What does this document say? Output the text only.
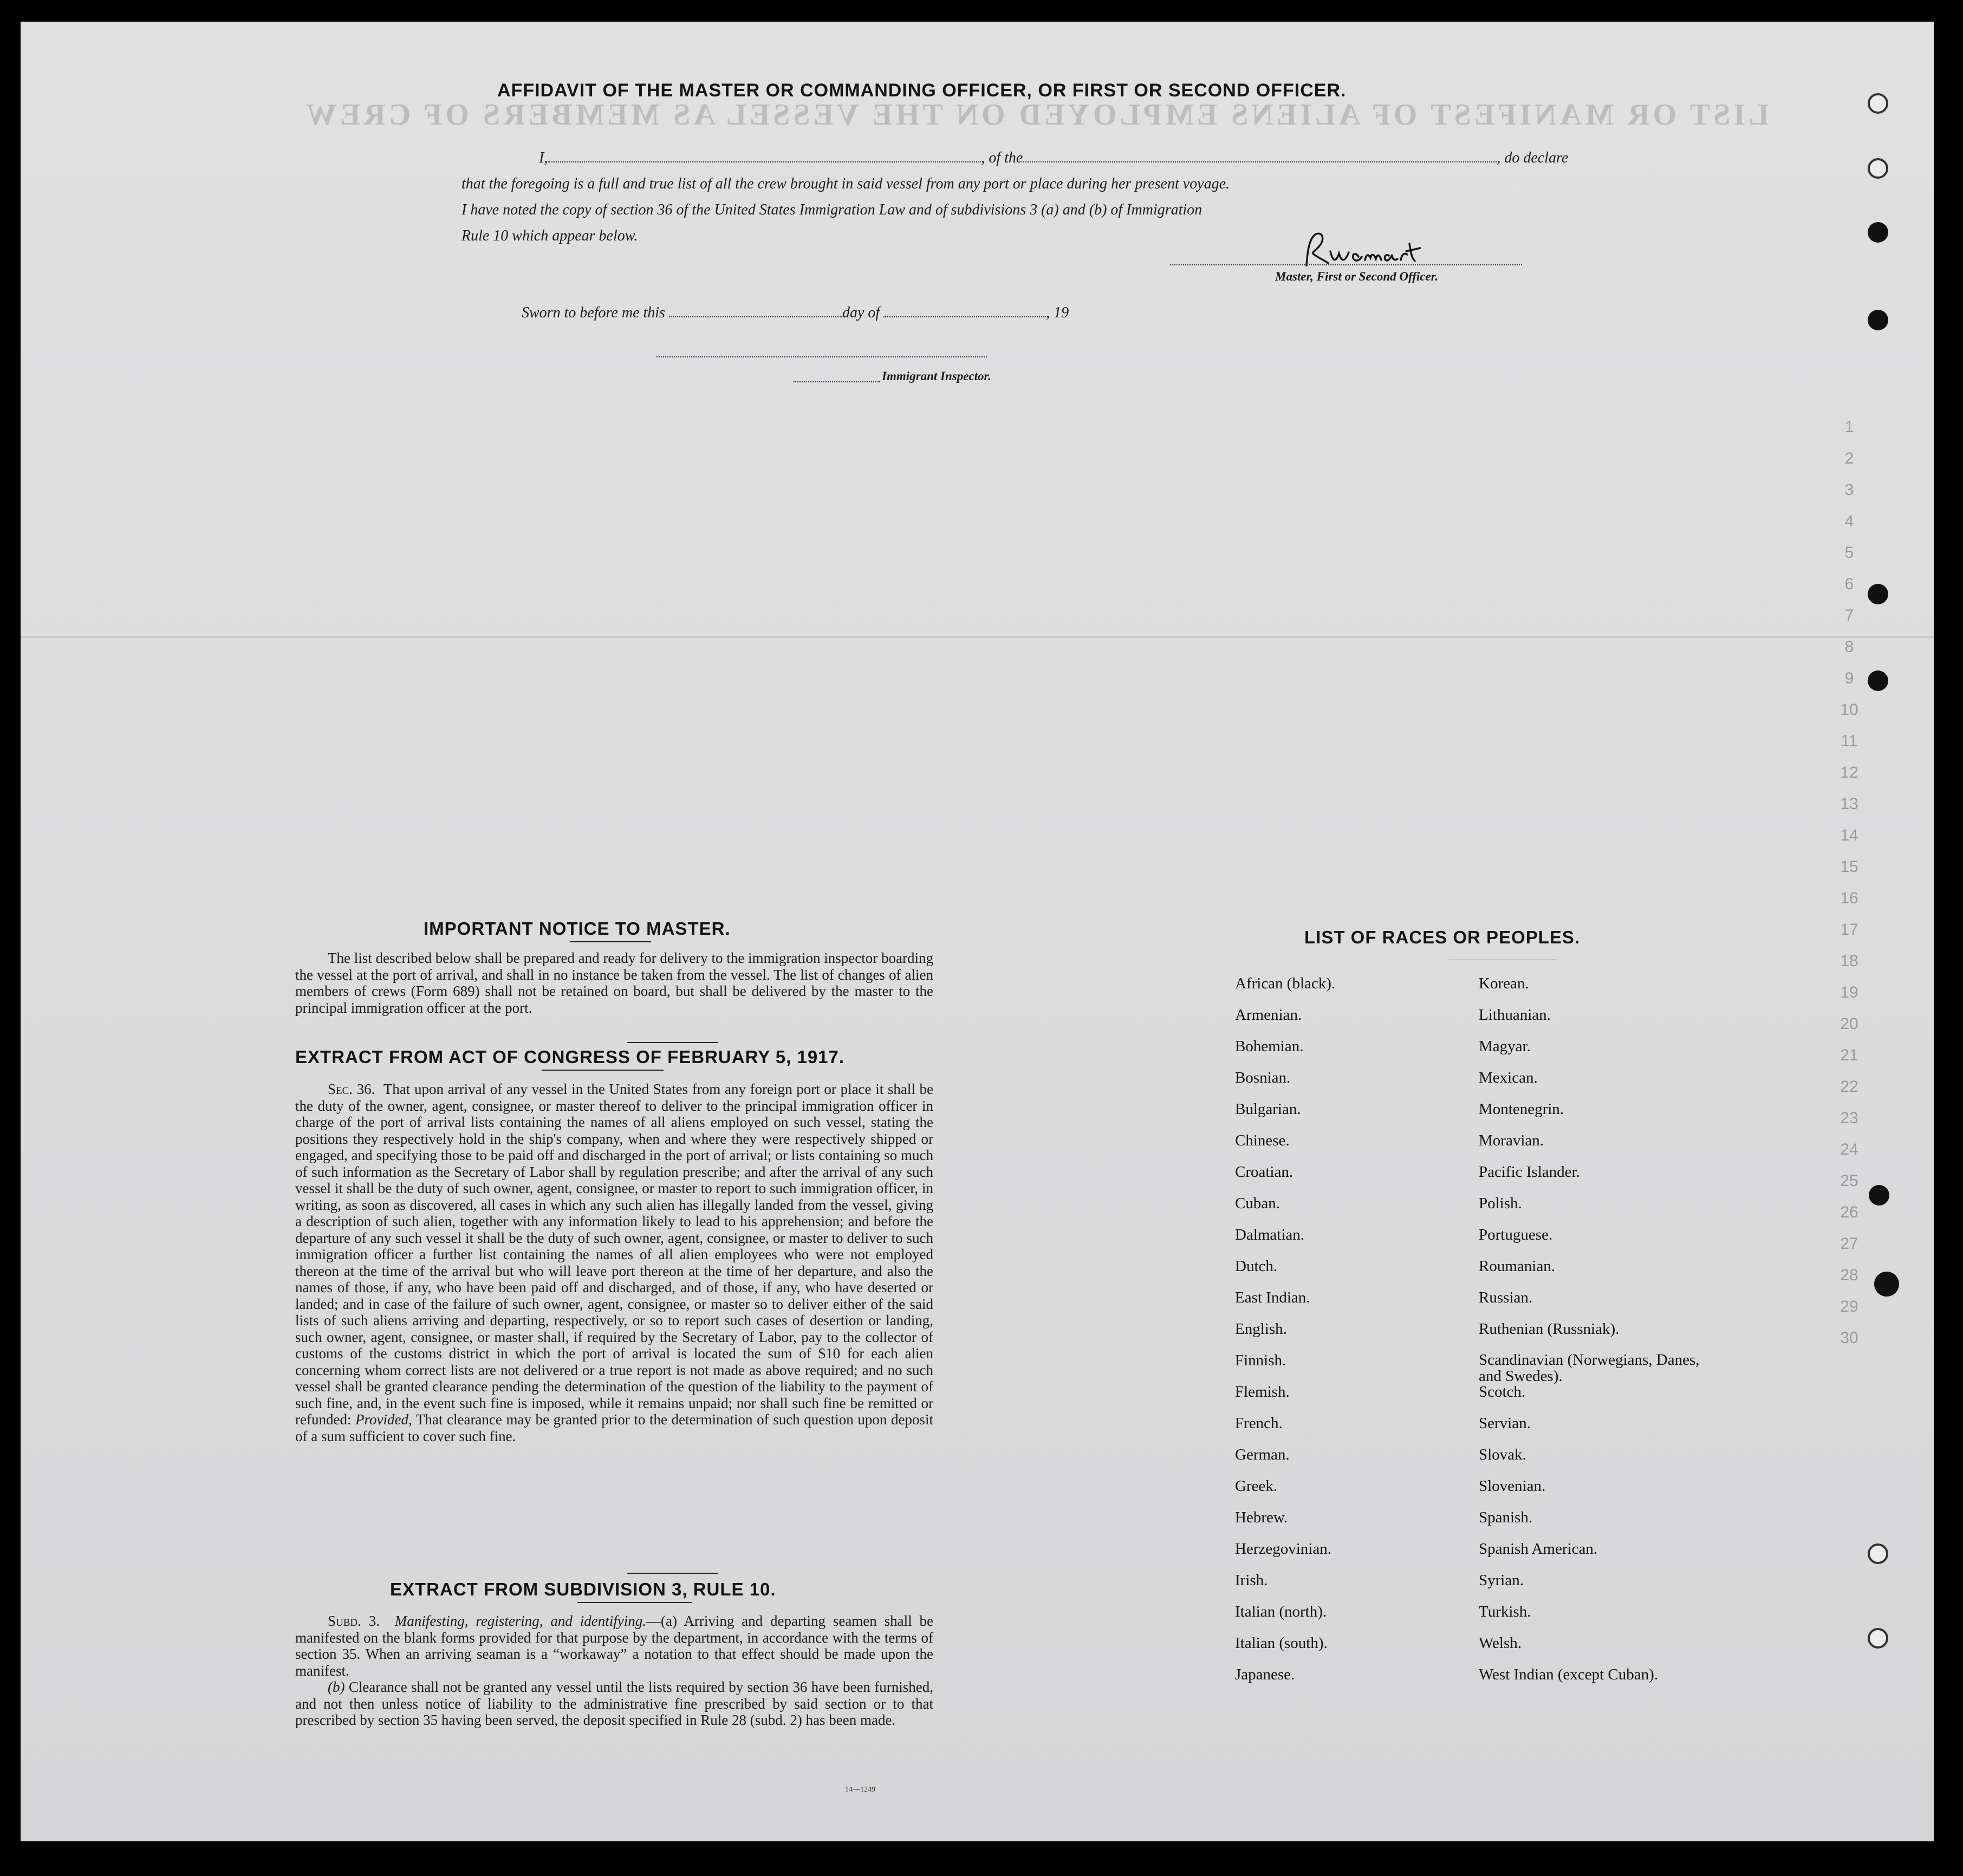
LIST OR MANIFEST OF ALIENS EMPLOYED ON THE VESSEL AS MEMBERS OF CREW
1
2
3
4
5
6
7
8
9
10
11
12
13
14
15
16
17
18
19
20
21
22
23
24
25
26
27
28
29
30
AFFIDAVIT OF THE MASTER OR COMMANDING OFFICER, OR FIRST OR SECOND OFFICER.
I,	, of the	, do declare
that the foregoing is a full and true list of all the crew brought in said vessel from any port or place during her present voyage.
I have noted the copy of section 36 of the United States Immigration Law and of subdivisions 3 (a) and (b) of Immigration
Rule 10 which appear below.
Master, First or Second Officer.
Sworn to before me this	day of	, 19
Immigrant Inspector.
IMPORTANT NOTICE TO MASTER.

The list described below shall be prepared and ready for delivery to the immigration inspector boarding the vessel at the port of arrival, and shall in no instance be taken from the vessel. The list of changes of alien members of crews (Form 689) shall not be retained on board, but shall be delivered by the master to the principal immigration officer at the port.

EXTRACT FROM ACT OF CONGRESS OF FEBRUARY 5, 1917.

Sec. 36. That upon arrival of any vessel in the United States from any foreign port or place it shall be the duty of the owner, agent, consignee, or master thereof to deliver to the principal immigration officer in charge of the port of arrival lists containing the names of all aliens employed on such vessel, stating the positions they respectively hold in the ship's company, when and where they were respectively shipped or engaged, and specifying those to be paid off and discharged in the port of arrival; or lists containing so much of such information as the Secretary of Labor shall by regulation prescribe; and after the arrival of any such vessel it shall be the duty of such owner, agent, consignee, or master to report to such immigration officer, in writing, as soon as discovered, all cases in which any such alien has illegally landed from the vessel, giving a description of such alien, together with any information likely to lead to his apprehension; and before the departure of any such vessel it shall be the duty of such owner, agent, consignee, or master to deliver to such immigration officer a further list containing the names of all alien employees who were not employed thereon at the time of the arrival but who will leave port thereon at the time of her departure, and also the names of those, if any, who have been paid off and discharged, and of those, if any, who have deserted or landed; and in case of the failure of such owner, agent, consignee, or master so to deliver either of the said lists of such aliens arriving and departing, respectively, or so to report such cases of desertion or landing, such owner, agent, consignee, or master shall, if required by the Secretary of Labor, pay to the collector of customs of the customs district in which the port of arrival is located the sum of $10 for each alien concerning whom correct lists are not delivered or a true report is not made as above required; and no such vessel shall be granted clearance pending the determination of the question of the liability to the payment of such fine, and, in the event such fine is imposed, while it remains unpaid; nor shall such fine be remitted or refunded: Provided, That clearance may be granted prior to the determination of such question upon deposit of a sum sufficient to cover such fine.

EXTRACT FROM SUBDIVISION 3, RULE 10.

Subd. 3. Manifesting, registering, and identifying.—(a) Arriving and departing seamen shall be manifested on the blank forms provided for that purpose by the department, in accordance with the terms of section 35. When an arriving seaman is a “workaway” a notation to that effect should be made upon the manifest.

(b) Clearance shall not be granted any vessel until the lists required by section 36 have been furnished, and not then unless notice of liability to the administrative fine prescribed by said section or to that prescribed by section 35 having been served, the deposit specified in Rule 28 (subd. 2) has been made.

14—1249
LIST OF RACES OR PEOPLES.
African (black).	Korean.
Armenian.	Lithuanian.
Bohemian.	Magyar.
Bosnian.	Mexican.
Bulgarian.	Montenegrin.
Chinese.	Moravian.
Croatian.	Pacific Islander.
Cuban.	Polish.
Dalmatian.	Portuguese.
Dutch.	Roumanian.
East Indian.	Russian.
English.	Ruthenian (Russniak).
Finnish.	Scandinavian (Norwegians, Danes, and Swedes).
Flemish.	Scotch.
French.	Servian.
German.	Slovak.
Greek.	Slovenian.
Hebrew.	Spanish.
Herzegovinian.	Spanish American.
Irish.	Syrian.
Italian (north).	Turkish.
Italian (south).	Welsh.
Japanese.	West Indian (except Cuban).
